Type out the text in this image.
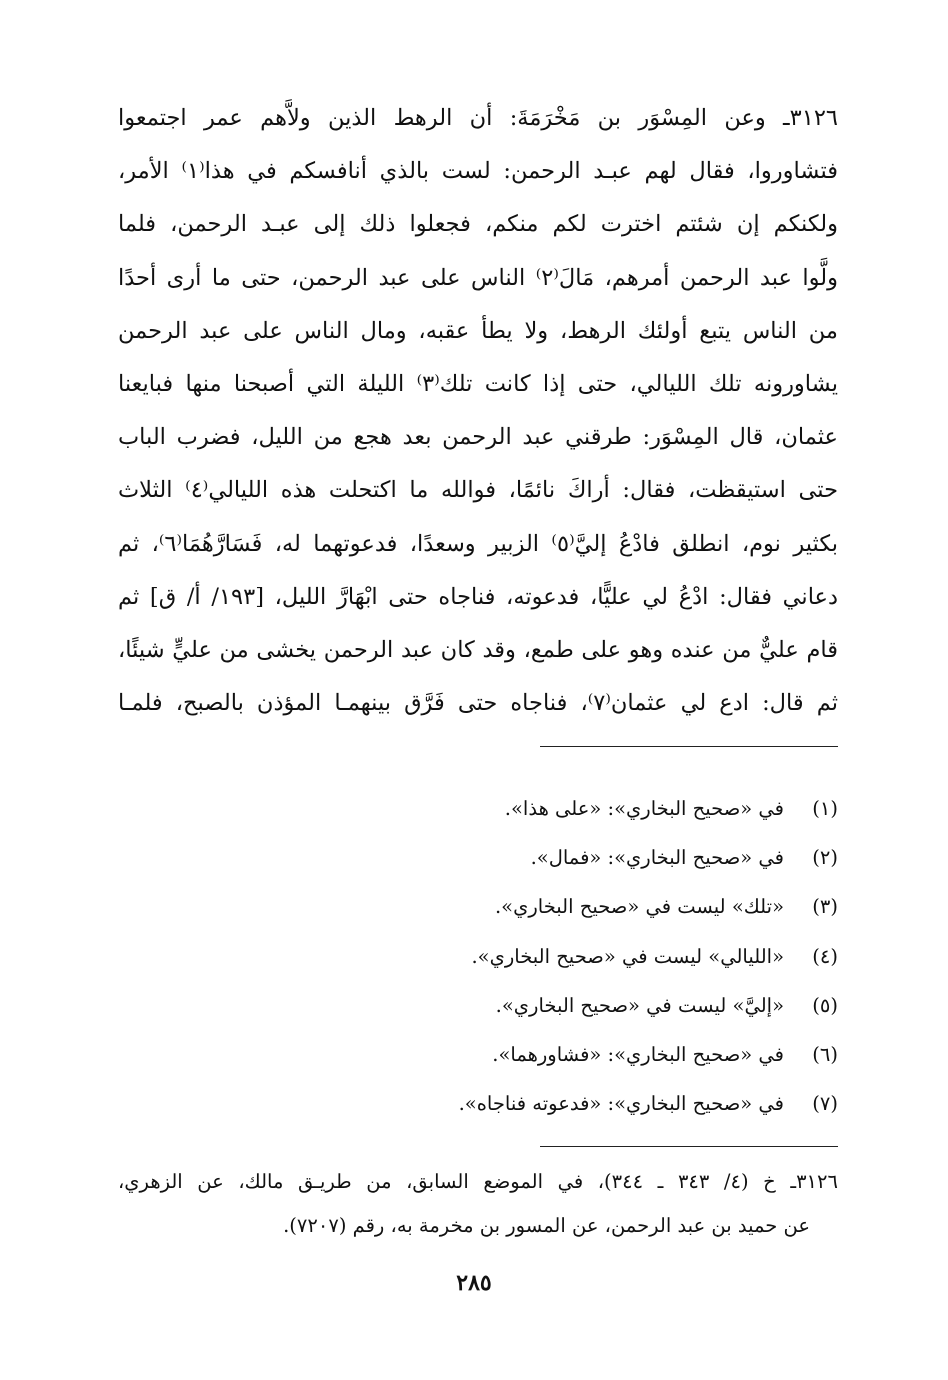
٣١٢٦ـ وعن المِسْوَر بن مَخْرَمَةَ: أن الرهط الذين ولاَّهم عمر اجتمعوا
فتشاوروا، فقال لهم عبـد الرحمن: لست بالذي أنافسكم في هذا⁽١⁾ الأمر،
ولكنكم إن شئتم اخترت لكم منكم، فجعلوا ذلك إلى عبـد الرحمن، فلما
ولَّوا عبد الرحمن أمرهم، مَالَ⁽٢⁾ الناس على عبد الرحمن، حتى ما أرى أحدًا
من الناس يتبع أولئك الرهط، ولا يطأ عقبه، ومال الناس على عبد الرحمن
يشاورونه تلك الليالي، حتى إذا كانت تلك⁽٣⁾ الليلة التي أصبحنا منها فبايعنا
عثمان، قال المِسْوَر: طرقني عبد الرحمن بعد هجع من الليل، فضرب الباب
حتى استيقظت، فقال: أراكَ نائمًا، فوالله ما اكتحلت هذه الليالي⁽٤⁾ الثلاث
بكثير نوم، انطلق فادْعُ إليَّ⁽٥⁾ الزبير وسعدًا، فدعوتهما له، فَسَارَّهُمَا⁽٦⁾، ثم
دعاني فقال: ادْعُ لي عليًّا، فدعوته، فناجاه حتى ابْهَارَّ الليل، [١٩٣/ أ/ ق] ثم
قام عليٌّ من عنده وهو على طمع، وقد كان عبد الرحمن يخشى من عليٍّ شيئًا،
ثم قال: ادع لي عثمان⁽٧⁾، فناجاه حتى فَرَّق بينهمـا المؤذن بالصبح، فلمـا
(١)في «صحيح البخاري»: «على هذا».
(٢)في «صحيح البخاري»: «فمال».
(٣)«تلك» ليست في «صحيح البخاري».
(٤)«الليالي» ليست في «صحيح البخاري».
(٥)«إليَّ» ليست في «صحيح البخاري».
(٦)في «صحيح البخاري»: «فشاورهما».
(٧)في «صحيح البخاري»: «فدعوته فناجاه».
٣١٢٦ـ خ (٤/ ٣٤٣ ـ ٣٤٤)، في الموضع السابق، من طريـق مالك، عن الزهري،
عن حميد بن عبد الرحمن، عن المسور بن مخرمة به، رقم (٧٢٠٧).
٢٨٥
